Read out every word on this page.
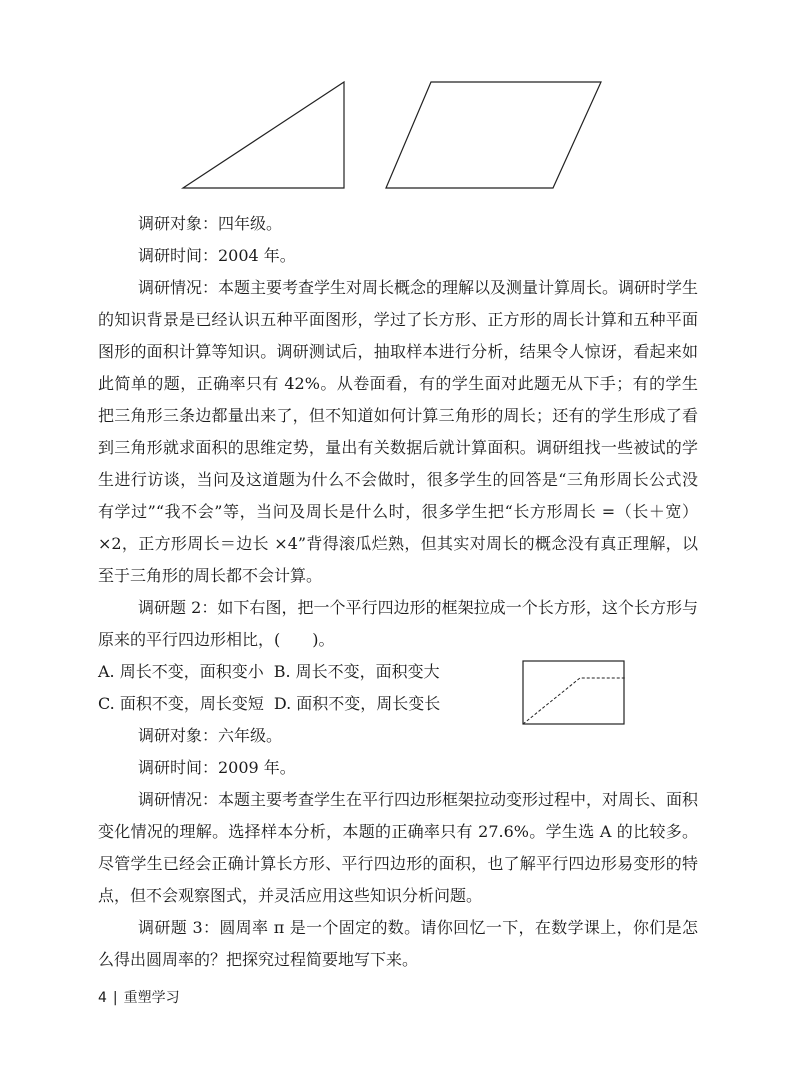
调研对象：四年级。

调研时间：2004 年。

调研情况：本题主要考查学生对周长概念的理解以及测量计算周长。调研时学生的知识背景是已经认识五种平面图形，学过了长方形、正方形的周长计算和五种平面图形的面积计算等知识。调研测试后，抽取样本进行分析，结果令人惊讶，看起来如此简单的题，正确率只有 42%。从卷面看，有的学生面对此题无从下手；有的学生把三角形三条边都量出来了，但不知道如何计算三角形的周长；还有的学生形成了看到三角形就求面积的思维定势，量出有关数据后就计算面积。调研组找一些被试的学生进行访谈，当问及这道题为什么不会做时，很多学生的回答是“三角形周长公式没有学过”“我不会”等，当问及周长是什么时，很多学生把“长方形周长 =（长＋宽）×2，正方形周长＝边长 ×4”背得滚瓜烂熟，但其实对周长的概念没有真正理解，以至于三角形的周长都不会计算。

调研题 2：如下右图，把一个平行四边形的框架拉成一个长方形，这个长方形与原来的平行四边形相比，(　　)。

A. 周长不变，面积变小 B. 周长不变，面积变大

C. 面积不变，周长变短 D. 面积不变，周长变长

调研对象：六年级。

调研时间：2009 年。

调研情况：本题主要考查学生在平行四边形框架拉动变形过程中，对周长、面积变化情况的理解。选择样本分析，本题的正确率只有 27.6%。学生选 A 的比较多。尽管学生已经会正确计算长方形、平行四边形的面积，也了解平行四边形易变形的特点，但不会观察图式，并灵活应用这些知识分析问题。

调研题 3：圆周率 π 是一个固定的数。请你回忆一下，在数学课上，你们是怎么得出圆周率的？把探究过程简要地写下来。

4 | 重塑学习
